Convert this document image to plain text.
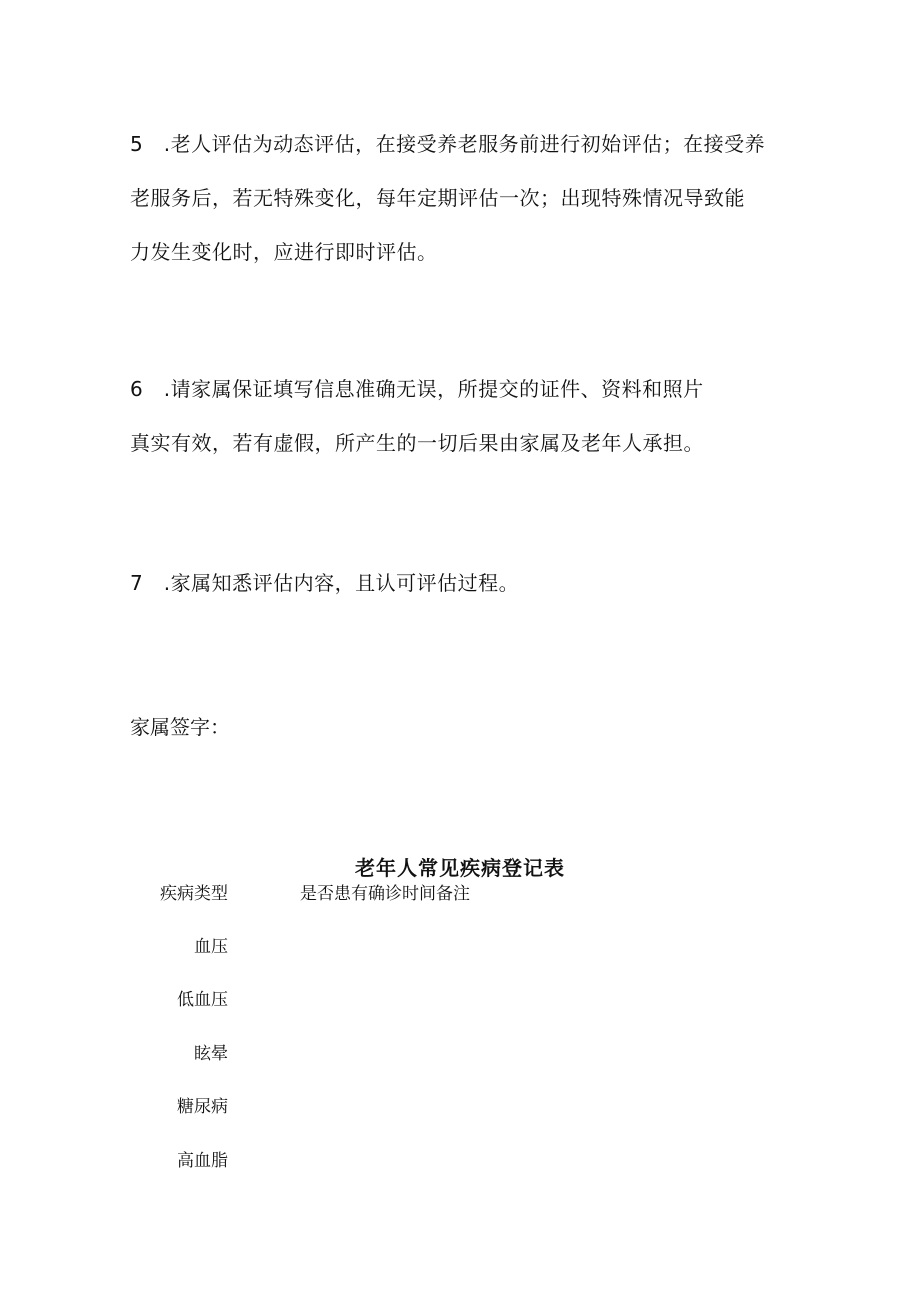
5　.老人评估为动态评估，在接受养老服务前进行初始评估；在接受养
老服务后，若无特殊变化，每年定期评估一次；出现特殊情况导致能
力发生变化时，应进行即时评估。
6　.请家属保证填写信息准确无误，所提交的证件、资料和照片
真实有效，若有虚假，所产生的一切后果由家属及老年人承担。
7　.家属知悉评估内容，且认可评估过程。
家属签字：
老年人常见疾病登记表
疾病类型	是否患有确诊时间备注
血压
低血压
眩晕
糖尿病
高血脂
